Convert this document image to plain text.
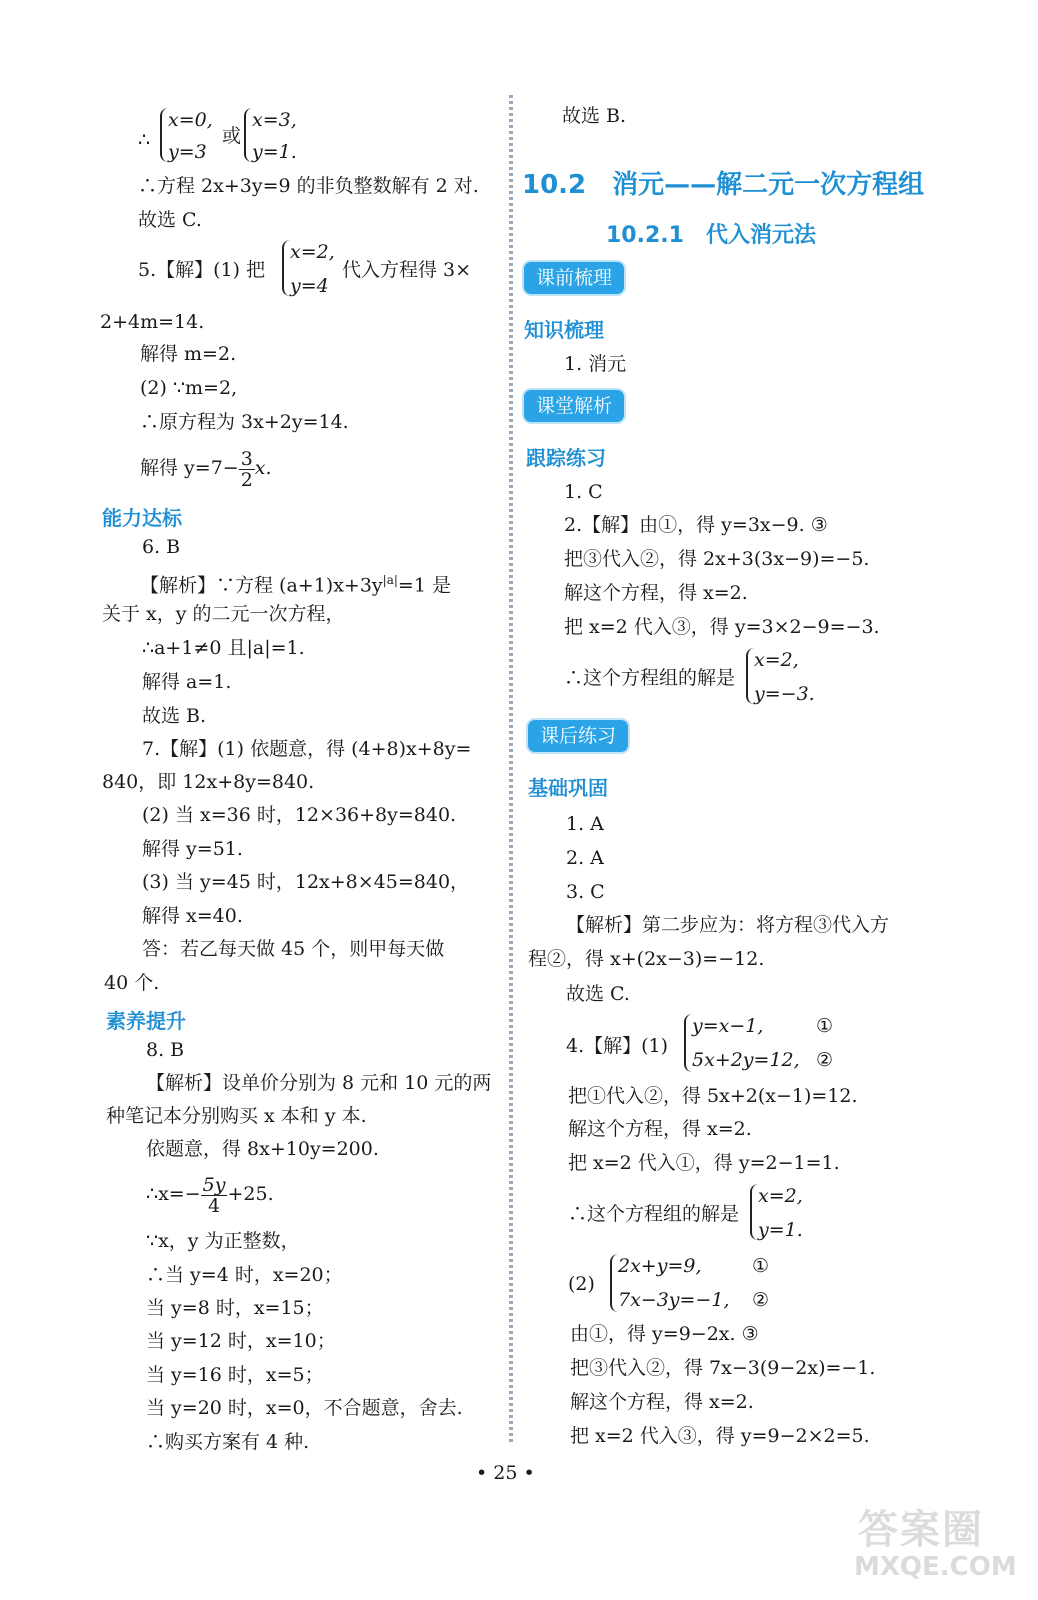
∴
x=0,
y=3
或
x=3,
y=1.
∴方程 2x+3y=9 的非负整数解有 2 对.
故选 C.
5.【解】(1) 把
x=2,
y=4
代入方程得 3×
2+4m=14.
解得 m=2.
(2) ∵m=2,
∴原方程为 3x+2y=14.
解得 $y=7- \frac{3}{2} x$.
能力达标
6. B
【解析】∵方程 $(a+1)x+3y^{|a|}=1$ 是
关于 x，y 的二元一次方程，
∴a+1≠0 且|a|=1.
解得 a=1.
故选 B.
7.【解】(1) 依题意，得 (4+8)x+8y=
840，即 12x+8y=840.
(2) 当 x=36 时，12×36+8y=840.
解得 y=51.
(3) 当 y=45 时，12x+8×45=840，
解得 x=40.
答：若乙每天做 45 个，则甲每天做
40 个.
素养提升
8. B
【解析】设单价分别为 8 元和 10 元的两
种笔记本分别购买 x 本和 y 本.
依题意，得 8x+10y=200.
∴x=− $\frac{5y}{4} +25$.
∵x，y 为正整数，
∴当 y=4 时，x=20；
当 y=8 时，x=15；
当 y=12 时，x=10；
当 y=16 时，x=5；
当 y=20 时，x=0，不合题意，舍去.
∴购买方案有 4 种.
故选 B.
10.2　消元——解二元一次方程组
10.2.1　代入消元法
课前梳理
知识梳理
1. 消元
课堂解析
跟踪练习
1. C
2.【解】由①，得 y=3x−9. ③
把③代入②，得 2x+3(3x−9)=−5.
解这个方程，得 x=2.
把 x=2 代入③，得 y=3×2−9=−3.
∴这个方程组的解是
x=2,
y=−3.
课后练习
基础巩固
1. A
2. A
3. C
【解析】第二步应为：将方程③代入方
程②，得 x+(2x−3)=−12.
故选 C.
4.【解】(1)
y=x−1,	①
5x+2y=12, ②
把①代入②，得 5x+2(x−1)=12.
解这个方程，得 x=2.
把 x=2 代入①，得 y=2−1=1.
∴这个方程组的解是
x=2,
y=1.
(2)
2x+y=9,	①
7x−3y=−1, ②
由①，得 y=9−2x. ③
把③代入②，得 7x−3(9−2x)=−1.
解这个方程，得 x=2.
把 x=2 代入③，得 y=9−2×2=5.
• 25 •
答案圈
MXQE.COM
